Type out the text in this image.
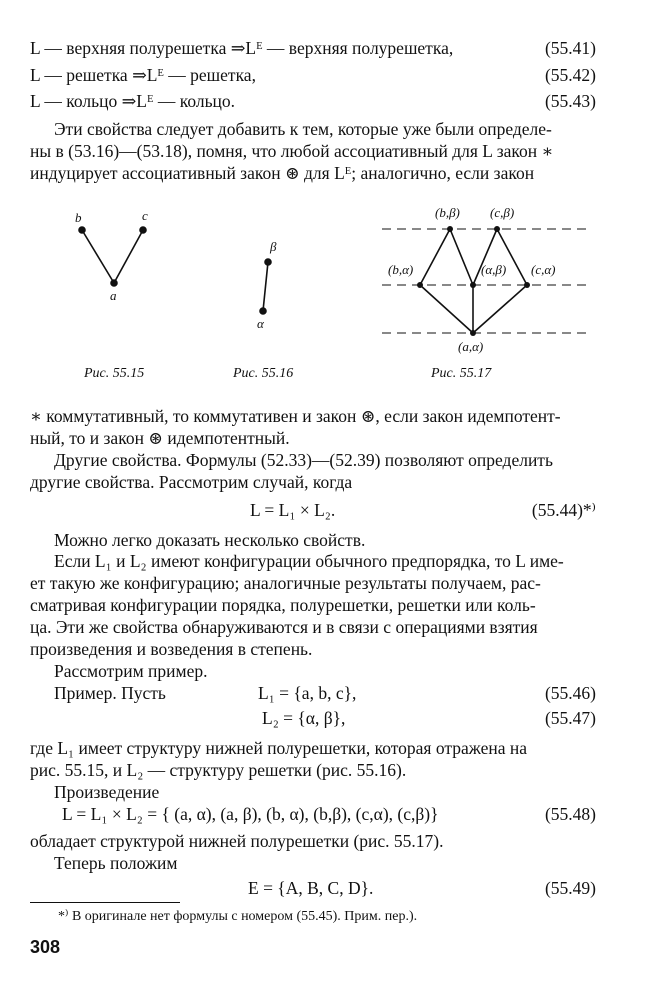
L — верхняя полурешетка ⇒Lᴱ — верхняя полурешетка,	(55.41)
L — решетка ⇒Lᴱ — решетка,	(55.42)
L — кольцо ⇒Lᴱ — кольцо.	(55.43)
Эти свойства следует добавить к тем, которые уже были определе-
ны в (53.16)—(53.18), помня, что любой ассоциативный для L закон ∗
индуцирует ассоциативный закон ⊛ для Lᴱ; аналогично, если закон
b	c
a
β
α
(b,β) (c,β)
(b,α)	(α,β) (c,α)
(a,α)
Рис. 55.15	Рис. 55.16	Рис. 55.17
∗ коммутативный, то коммутативен и закон ⊛, если закон идемпотент-
ный, то и закон ⊛ идемпотентный.
Другие свойства. Формулы (52.33)—(52.39) позволяют определить
другие свойства. Рассмотрим случай, когда
L = L₁ × L₂.	(55.44)*⁾
Можно легко доказать несколько свойств.
Если L₁ и L₂ имеют конфигурации обычного предпорядка, то L име-
ет такую же конфигурацию; аналогичные результаты получаем, рас-
сматривая конфигурации порядка, полурешетки, решетки или коль-
ца. Эти же свойства обнаруживаются и в связи с операциями взятия
произведения и возведения в степень.
Рассмотрим пример.
Пример. Пусть	L₁ = {a, b, c},	(55.46)
L₂ = {α, β},	(55.47)
где L₁ имеет структуру нижней полурешетки, которая отражена на
рис. 55.15, и L₂ — структуру решетки (рис. 55.16).
Произведение
L = L₁ × L₂ = { (a, α), (a, β), (b, α), (b,β), (c,α), (c,β)}	(55.48)
обладает структурой нижней полурешетки (рис. 55.17).
Теперь положим
E = {A, B, C, D}.	(55.49)
*⁾ В оригинале нет формулы с номером (55.45). Прим. пер.).
308
